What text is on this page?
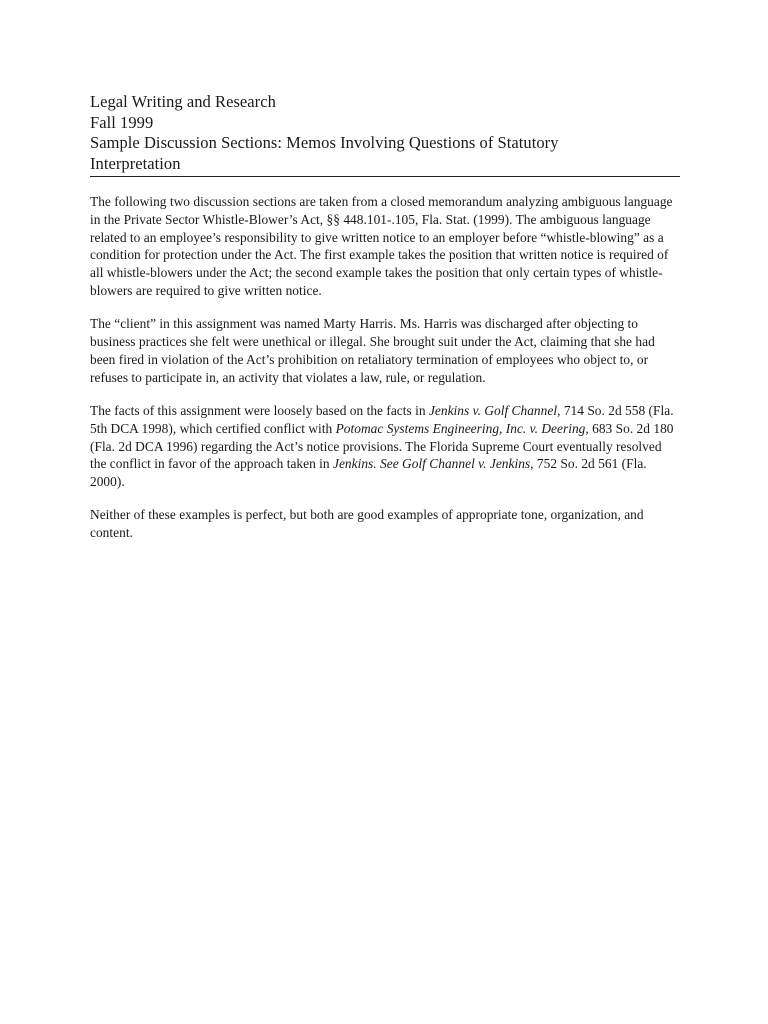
Legal Writing and Research
Fall 1999
Sample Discussion Sections: Memos Involving Questions of Statutory
Interpretation

The following two discussion sections are taken from a closed memorandum analyzing ambiguous language in the Private Sector Whistle-Blower’s Act, §§ 448.101-.105, Fla. Stat. (1999). The ambiguous language related to an employee’s responsibility to give written notice to an employer before “whistle-blowing” as a condition for protection under the Act. The first example takes the position that written notice is required of all whistle-blowers under the Act; the second example takes the position that only certain types of whistle-blowers are required to give written notice.

The “client” in this assignment was named Marty Harris. Ms. Harris was discharged after objecting to business practices she felt were unethical or illegal. She brought suit under the Act, claiming that she had been fired in violation of the Act’s prohibition on retaliatory termination of employees who object to, or refuses to participate in, an activity that violates a law, rule, or regulation.

The facts of this assignment were loosely based on the facts in Jenkins v. Golf Channel, 714 So. 2d 558 (Fla. 5th DCA 1998), which certified conflict with Potomac Systems Engineering, Inc. v. Deering, 683 So. 2d 180 (Fla. 2d DCA 1996) regarding the Act’s notice provisions. The Florida Supreme Court eventually resolved the conflict in favor of the approach taken in Jenkins. See Golf Channel v. Jenkins, 752 So. 2d 561 (Fla. 2000).

Neither of these examples is perfect, but both are good examples of appropriate tone, organization, and content.
